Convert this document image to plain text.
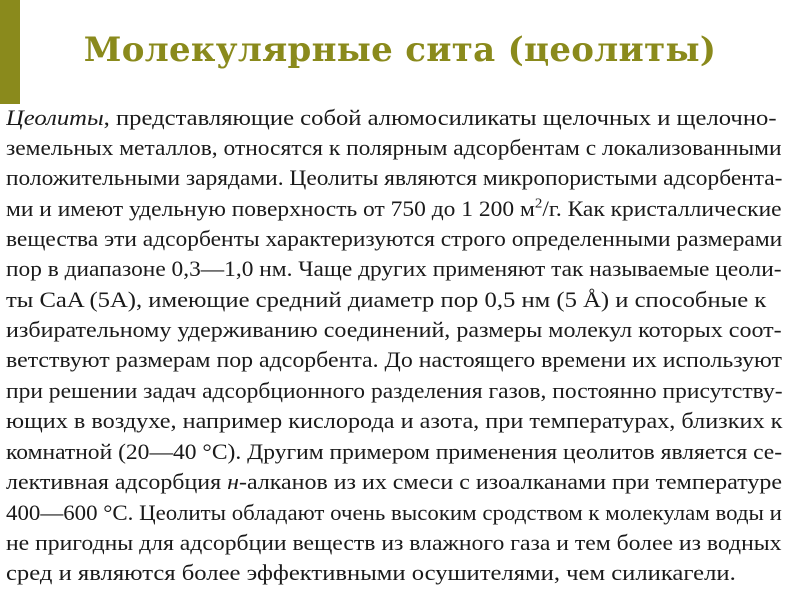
Молекулярные сита (цеолиты)
Цеолиты, представляющие собой алюмосиликаты щелочных и щелочно-
земельных металлов, относятся к полярным адсорбентам с локализованными
положительными зарядами. Цеолиты являются микропористыми адсорбента-
ми и имеют удельную поверхность от 750 до 1 200 $м^2/г$. Как кристаллические
вещества эти адсорбенты характеризуются строго определенными размерами
пор в диапазоне 0,3—1,0 нм. Чаще других применяют так называемые цеоли-
ты CaA (5A), имеющие средний диаметр пор 0,5 нм (5 Å) и способные к
избирательному удерживанию соединений, размеры молекул которых соот-
ветствуют размерам пор адсорбента. До настоящего времени их используют
при решении задач адсорбционного разделения газов, постоянно присутству-
ющих в воздухе, например кислорода и азота, при температурах, близких к
комнатной (20—40 °С). Другим примером применения цеолитов является се-
лективная адсорбция н-алканов из их смеси с изоалканами при температуре
400—600 °С. Цеолиты обладают очень высоким сродством к молекулам воды и
не пригодны для адсорбции веществ из влажного газа и тем более из водных
сред и являются более эффективными осушителями, чем силикагели.
